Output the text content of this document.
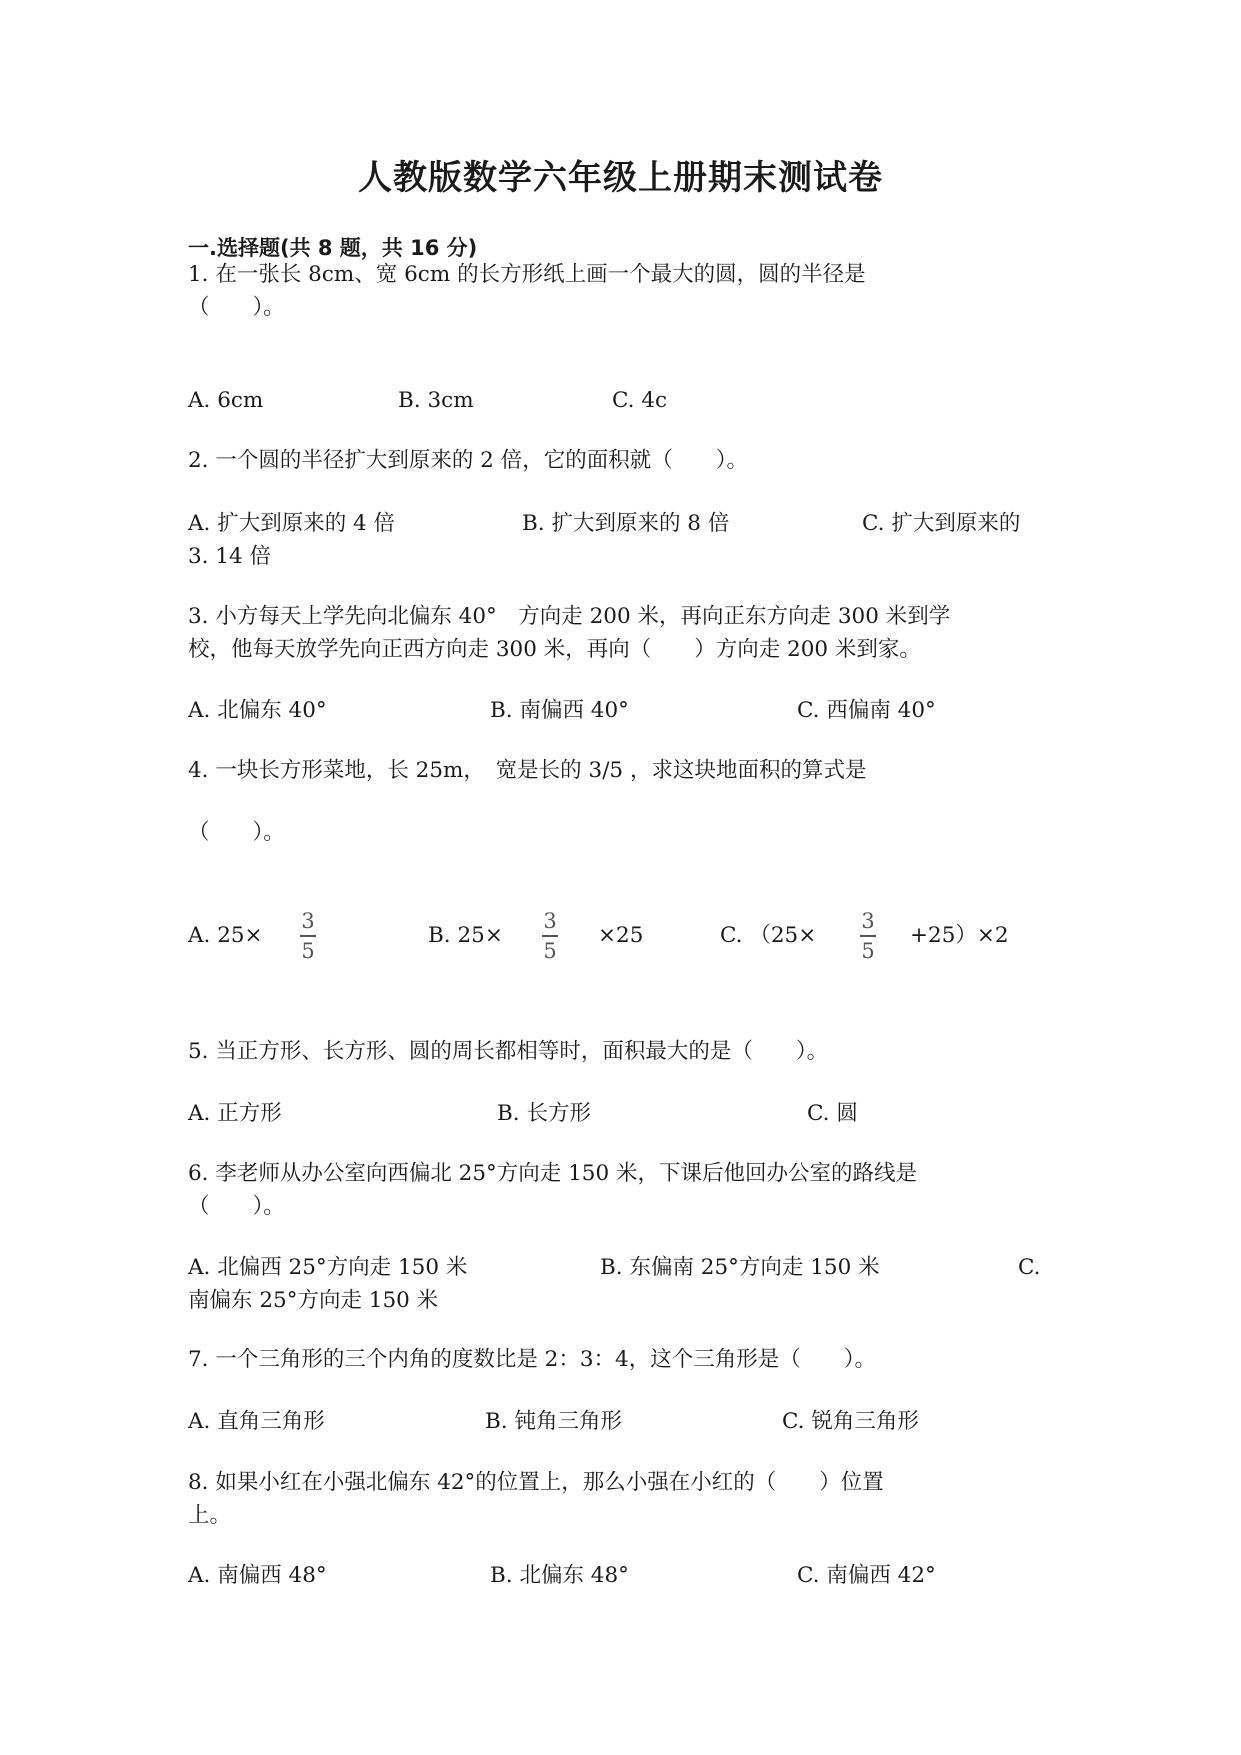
人教版数学六年级上册期末测试卷
一.选择题(共 8 题，共 16 分)
1. 在一张长 8cm、宽 6cm 的长方形纸上画一个最大的圆，圆的半径是
（　　）。
A. 6cm	B. 3cm	C. 4c
2. 一个圆的半径扩大到原来的 2 倍，它的面积就（　　）。
A. 扩大到原来的 4 倍	B. 扩大到原来的 8 倍	C. 扩大到原来的
3. 14 倍
3. 小方每天上学先向北偏东 40°　方向走 200 米，再向正东方向走 300 米到学
校，他每天放学先向正西方向走 300 米，再向（　　）方向走 200 米到家。
A. 北偏东 40°	B. 南偏西 40°	C. 西偏南 40°
4. 一块长方形菜地，长 25m，　宽是长的 3/5 ，求这块地面积的算式是
（　　）。
A. 25×
3
5
B. 25×
3
5
×25	C. （25×
3
5
+25）×2
5. 当正方形、长方形、圆的周长都相等时，面积最大的是（　　）。
A. 正方形	B. 长方形	C. 圆
6. 李老师从办公室向西偏北 25°方向走 150 米，下课后他回办公室的路线是
（　　）。
A. 北偏西 25°方向走 150 米	B. 东偏南 25°方向走 150 米	C.
南偏东 25°方向走 150 米
7. 一个三角形的三个内角的度数比是 2：3：4，这个三角形是（　　）。
A. 直角三角形	B. 钝角三角形	C. 锐角三角形
8. 如果小红在小强北偏东 42°的位置上，那么小强在小红的（　　）位置
上。
A. 南偏西 48°	B. 北偏东 48°	C. 南偏西 42°
